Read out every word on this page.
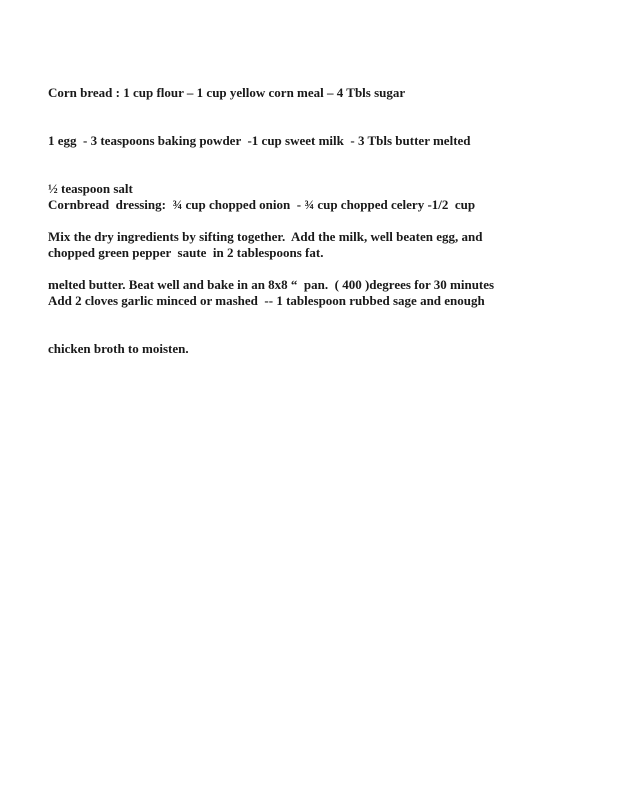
Corn bread : 1 cup flour – 1 cup yellow corn meal – 4 Tbls sugar

1 egg  - 3 teaspoons baking powder  -1 cup sweet milk  - 3 Tbls butter melted

½ teaspoon salt

Mix the dry ingredients by sifting together.  Add the milk, well beaten egg, and

melted butter. Beat well and bake in an 8x8 “  pan.  ( 400 )degrees for 30 minutes

Cornbread  dressing:  ¾ cup chopped onion  - ¾ cup chopped celery -1/2  cup

chopped green pepper  saute  in 2 tablespoons fat.

Add 2 cloves garlic minced or mashed  -- 1 tablespoon rubbed sage and enough

chicken broth to moisten.
